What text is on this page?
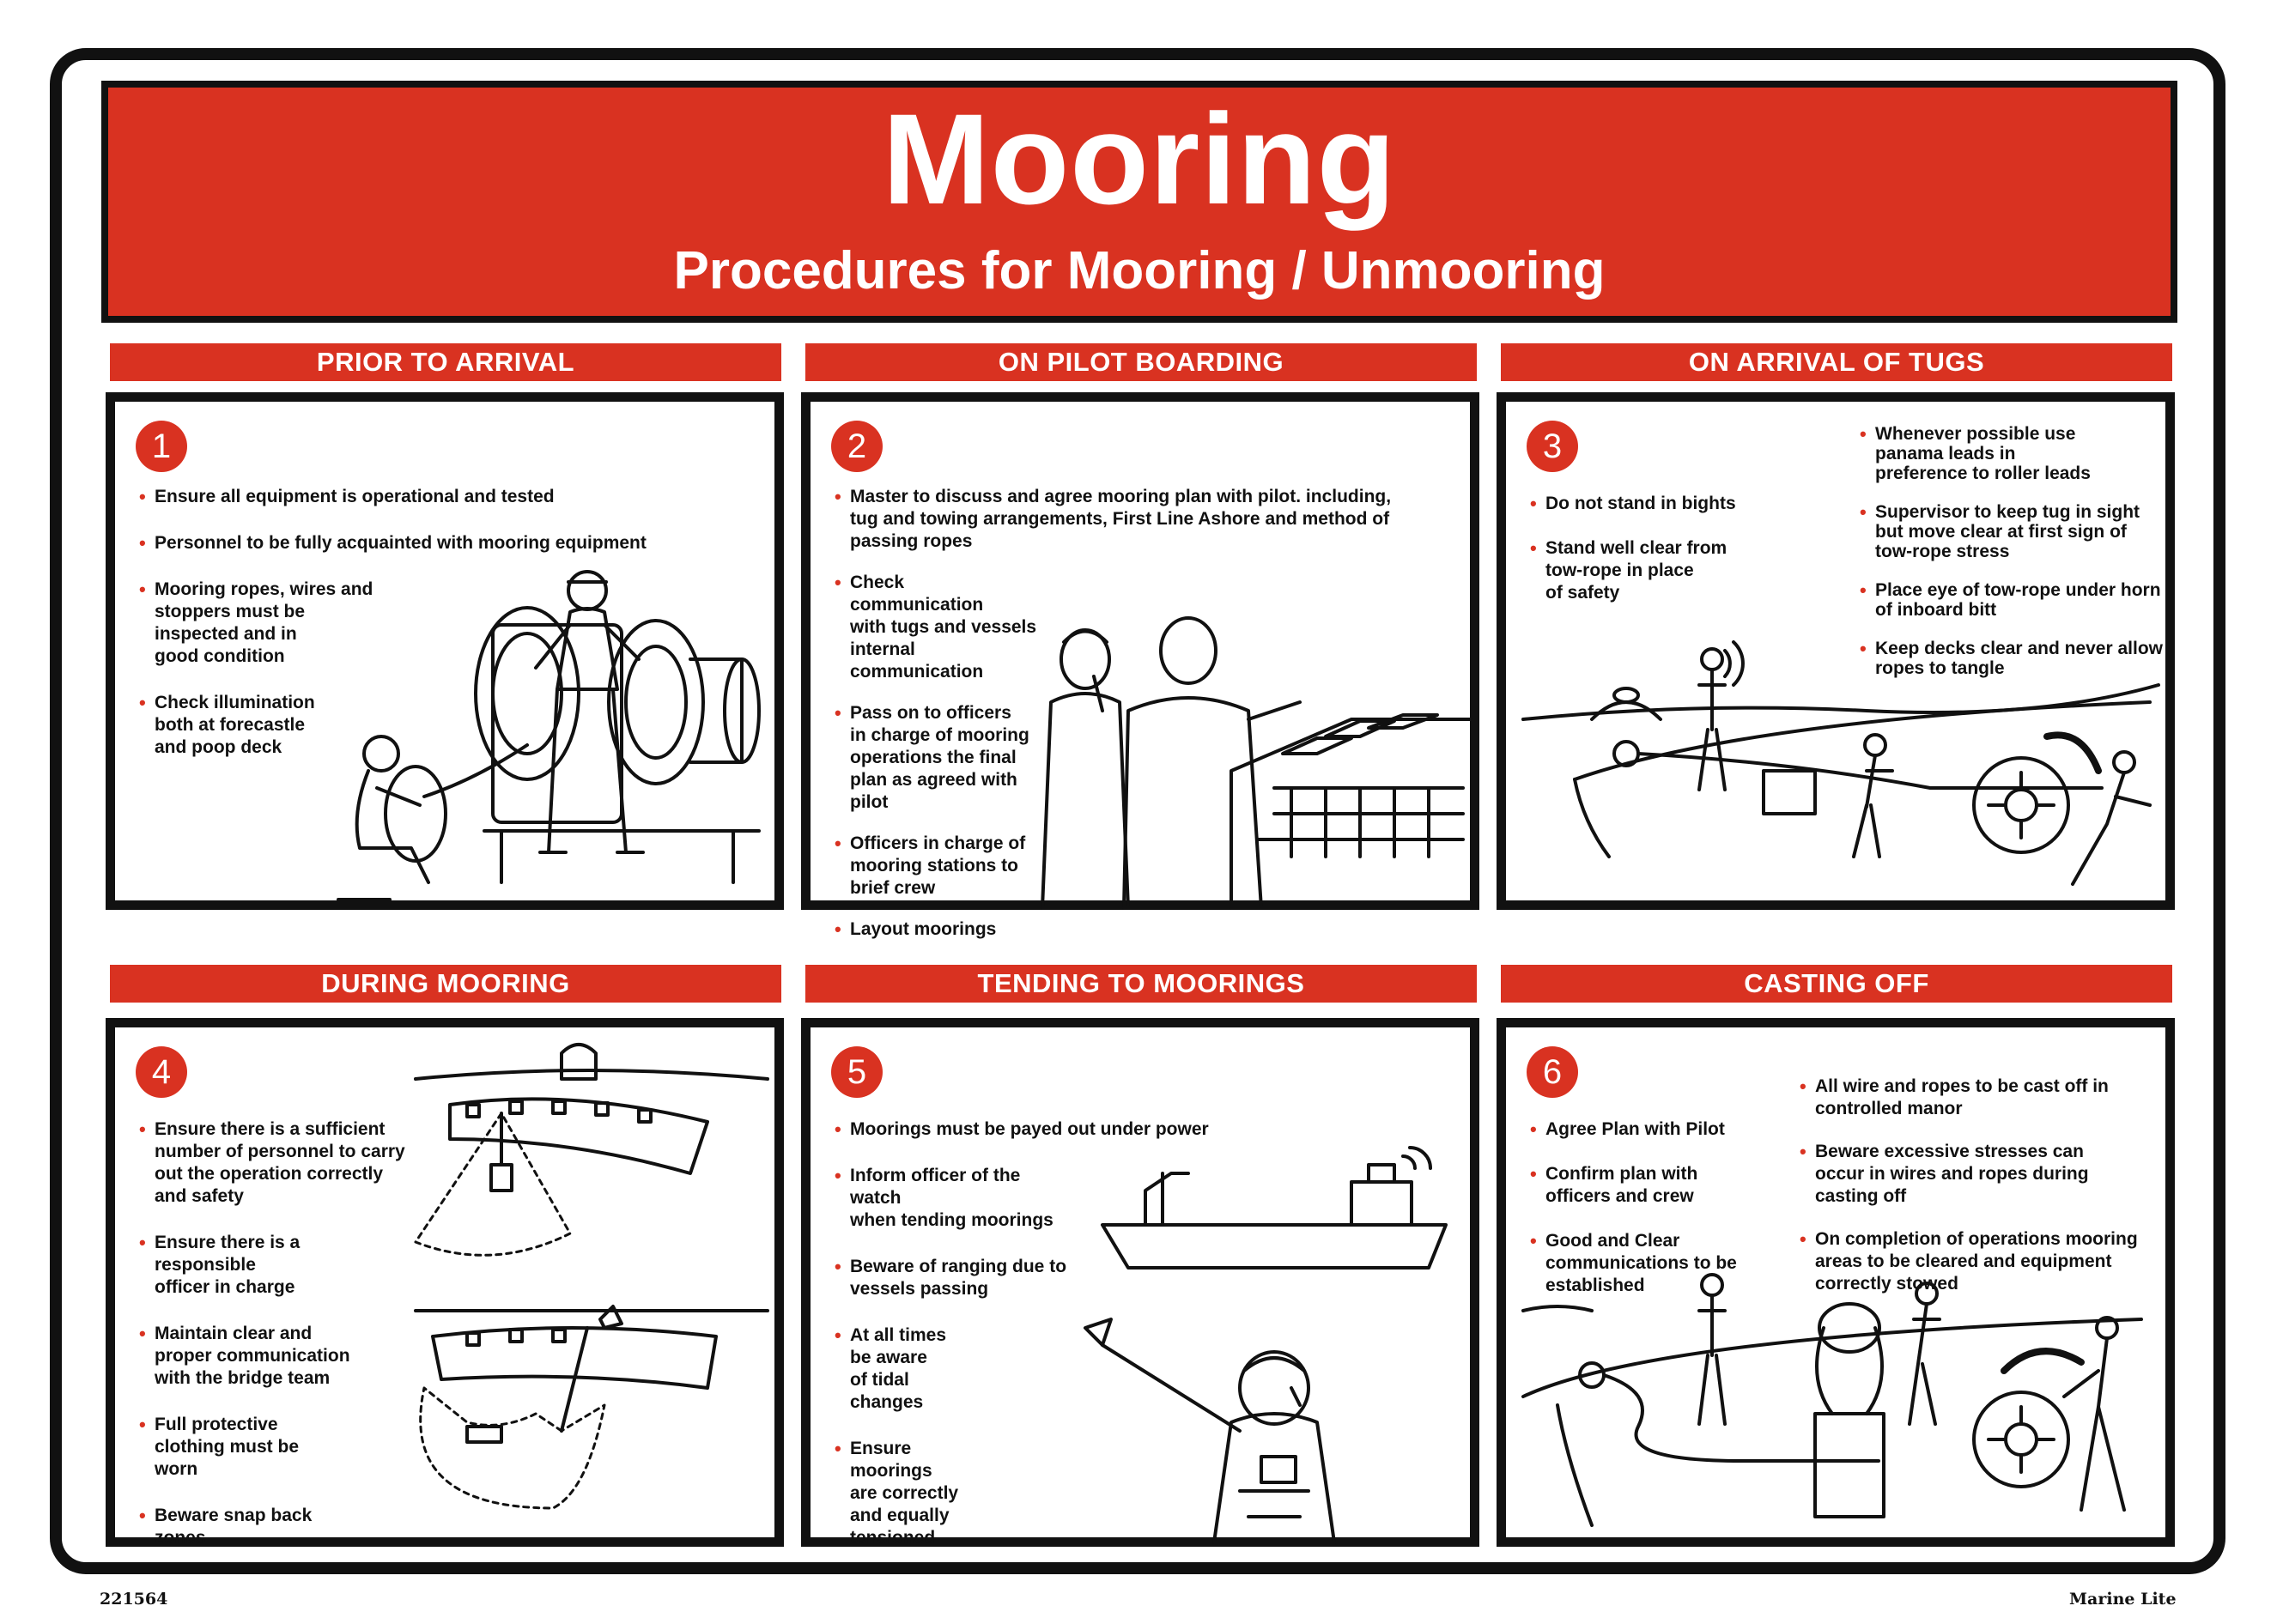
Mooring
Procedures for Mooring / Unmooring
PRIOR TO ARRIVAL	ON PILOT BOARDING	ON ARRIVAL OF TUGS
1
• Ensure all equipment is operational and tested
• Personnel to be fully acquainted with mooring equipment
• Mooring ropes, wires and
stoppers must be
inspected and in
good condition
• Check illumination
both at forecastle
and poop deck
2
• Master to discuss and agree mooring plan with pilot. including,
tug and towing arrangements, First Line Ashore and method of
passing ropes
• Check communication
with tugs and vessels
internal communication
• Pass on to officers
in charge of mooring
operations the final
plan as agreed with
pilot
• Officers in charge of
mooring stations to
brief crew
• Layout moorings
3
• Do not stand in bights
• Stand well clear from
tow-rope in place
of safety
• Whenever possible use
panama leads in
preference to roller leads
• Supervisor to keep tug in sight
but move clear at first sign of
tow-rope stress
• Place eye of tow-rope under horn
of inboard bitt
• Keep decks clear and never allow
ropes to tangle
DURING MOORING	TENDING TO MOORINGS	CASTING OFF
4
• Ensure there is a sufficient
number of personnel to carry
out the operation correctly
and safety
• Ensure there is a responsible
officer in charge
• Maintain clear and
proper communication
with the bridge team
• Full protective
clothing must be
worn
• Beware snap back
zones
5
• Moorings must be payed out under power
• Inform officer of the watch
when tending moorings
• Beware of ranging due to
vessels passing
• At all times
be aware
of tidal
changes
• Ensure
moorings
are correctly
and equally
tensioned
6
• Agree Plan with Pilot
• Confirm plan with
officers and crew
• Good and Clear
communications to be
established
• All wire and ropes to be cast off in
controlled manor
• Beware excessive stresses can
occur in wires and ropes during
casting off
• On completion of operations mooring
areas to be cleared and equipment
correctly stowed
221564	Marine Lite
